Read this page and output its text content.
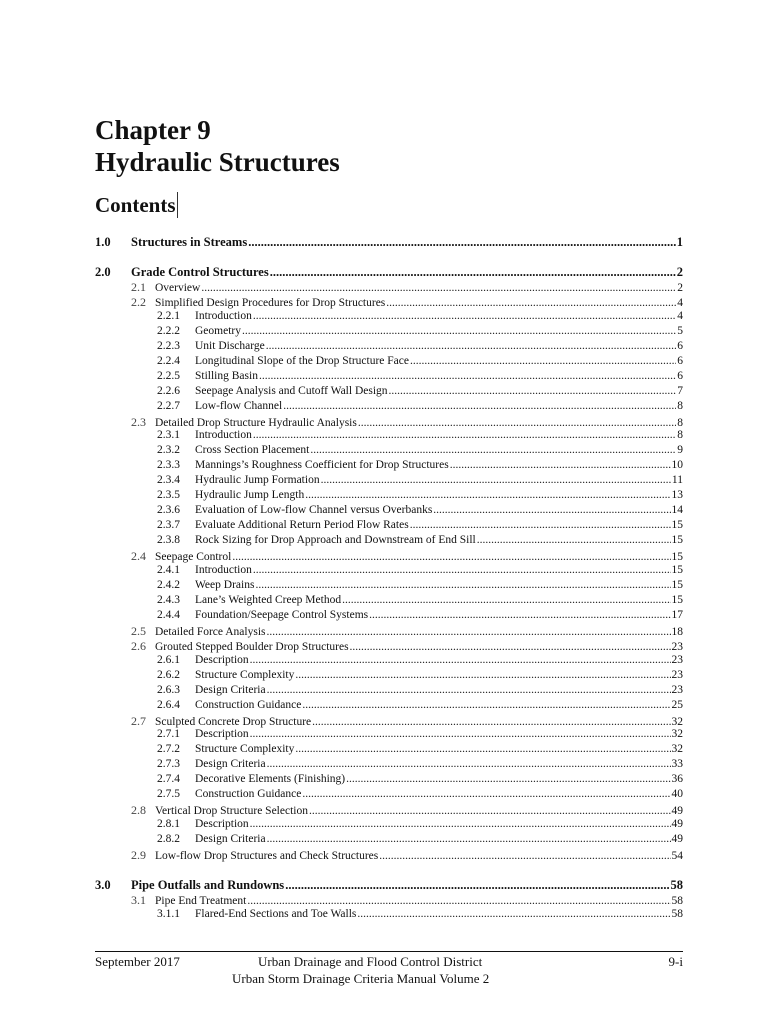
Chapter 9
Hydraulic Structures
Contents
1.0	Structures in Streams .....	1
2.0	Grade Control Structures .....	2
2.1 Overview .....	2
2.2 Simplified Design Procedures for Drop Structures .....	4
2.2.1	Introduction .....	4
2.2.2	Geometry .....	5
2.2.3	Unit Discharge .....	6
2.2.4	Longitudinal Slope of the Drop Structure Face .....	6
2.2.5	Stilling Basin .....	6
2.2.6	Seepage Analysis and Cutoff Wall Design .....	7
2.2.7	Low-flow Channel .....	8
2.3 Detailed Drop Structure Hydraulic Analysis .....	8
2.3.1	Introduction .....	8
2.3.2	Cross Section Placement .....	9
2.3.3	Mannings’s Roughness Coefficient for Drop Structures .....	10
2.3.4	Hydraulic Jump Formation .....	11
2.3.5	Hydraulic Jump Length .....	13
2.3.6	Evaluation of Low-flow Channel versus Overbanks .....	14
2.3.7	Evaluate Additional Return Period Flow Rates .....	15
2.3.8	Rock Sizing for Drop Approach and Downstream of End Sill .....	15
2.4 Seepage Control .....	15
2.4.1	Introduction .....	15
2.4.2	Weep Drains .....	15
2.4.3	Lane’s Weighted Creep Method .....	15
2.4.4	Foundation/Seepage Control Systems .....	17
2.5 Detailed Force Analysis .....	18
2.6 Grouted Stepped Boulder Drop Structures .....	23
2.6.1	Description .....	23
2.6.2	Structure Complexity .....	23
2.6.3	Design Criteria .....	23
2.6.4	Construction Guidance .....	25
2.7 Sculpted Concrete Drop Structure .....	32
2.7.1	Description .....	32
2.7.2	Structure Complexity .....	32
2.7.3	Design Criteria .....	33
2.7.4	Decorative Elements (Finishing) .....	36
2.7.5	Construction Guidance .....	40
2.8 Vertical Drop Structure Selection .....	49
2.8.1	Description .....	49
2.8.2	Design Criteria .....	49
2.9 Low-flow Drop Structures and Check Structures .....	54
3.0	Pipe Outfalls and Rundowns .....	58
3.1 Pipe End Treatment .....	58
3.1.1	Flared-End Sections and Toe Walls .....	58
September 2017	Urban Drainage and Flood Control District
Urban Storm Drainage Criteria Manual Volume 2
9-i
